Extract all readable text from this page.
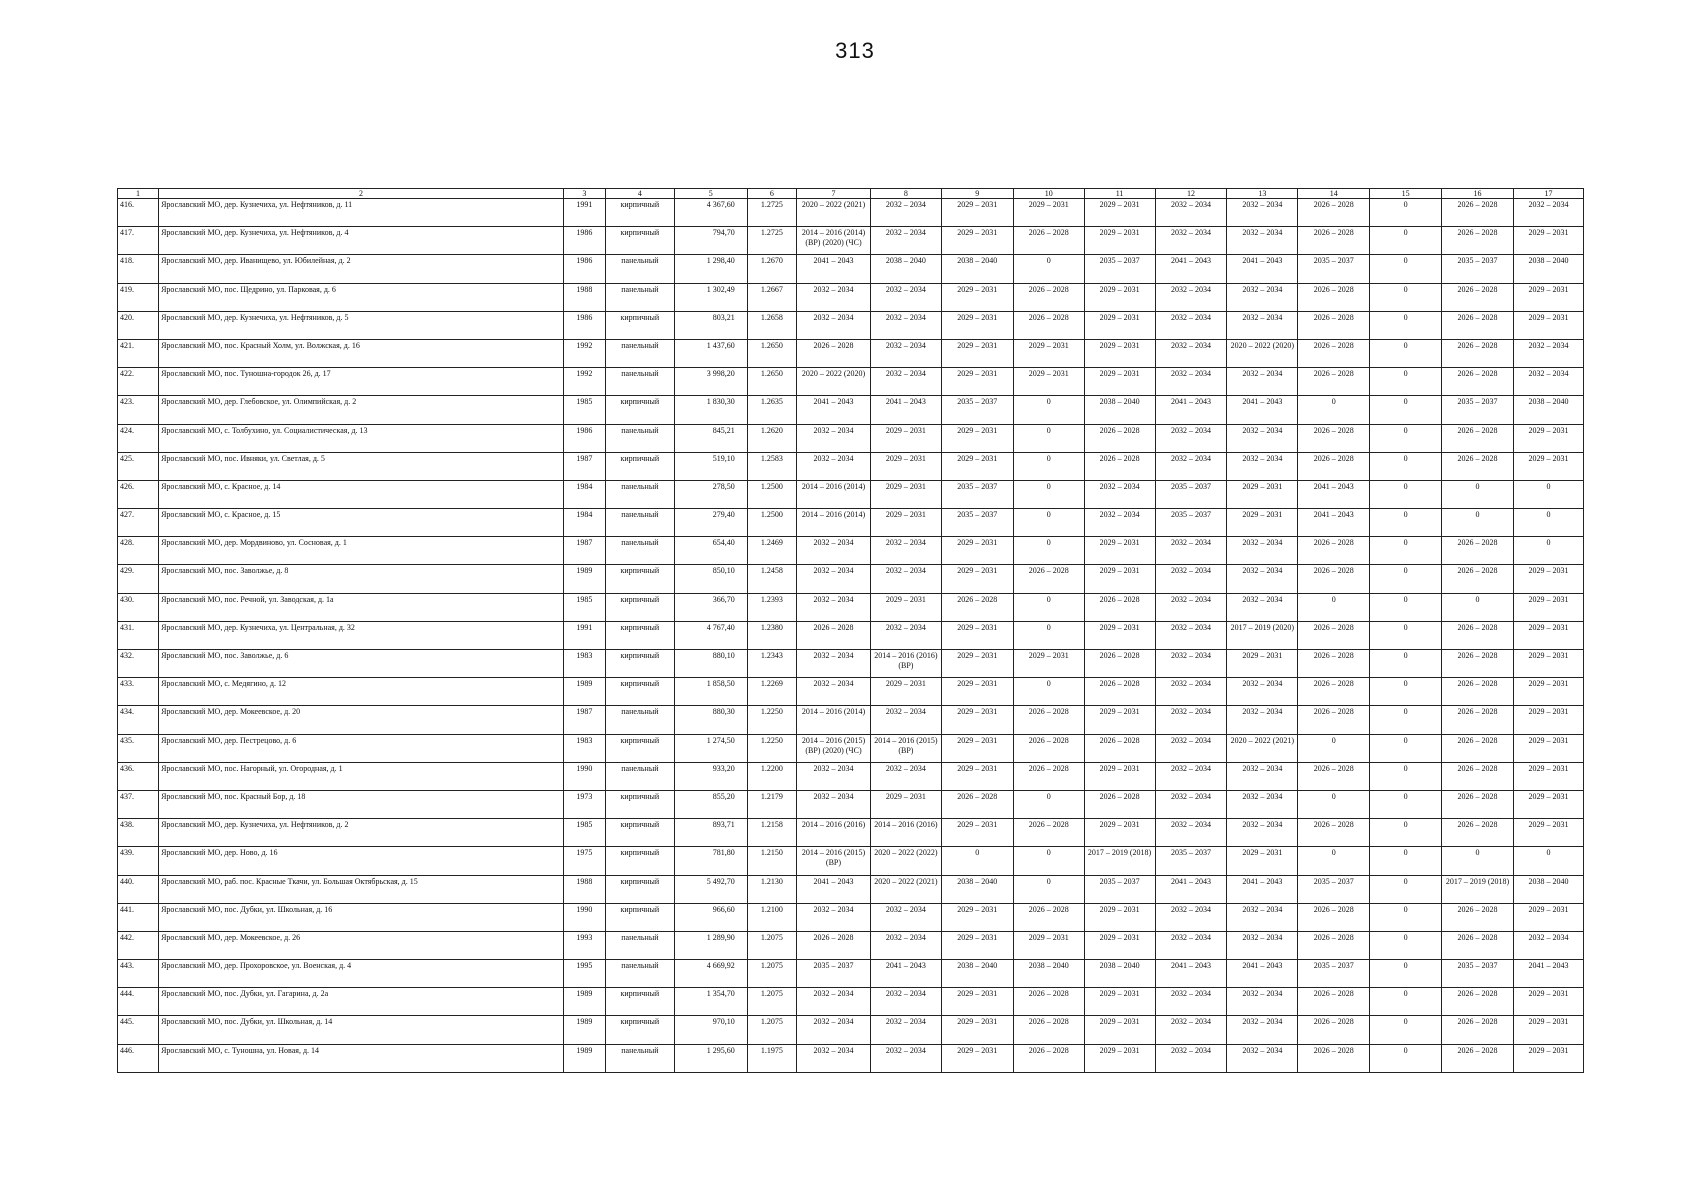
313
1	2	3	4	5	6	7	8	9	10	11	12	13	14	15	16	17
416.	Ярославский МО, дер. Кузнечиха, ул. Нефтяников, д. 11	1991	кирпичный	4 367,60	1.2725	2020 – 2022 (2021)	2032 – 2034	2029 – 2031	2029 – 2031	2029 – 2031	2032 – 2034	2032 – 2034	2026 – 2028	0	2026 – 2028	2032 – 2034
417.	Ярославский МО, дер. Кузнечиха, ул. Нефтяников, д. 4	1986	кирпичный	794,70	1.2725	2014 – 2016 (2014) (ВР) (2020) (ЧС)	2032 – 2034	2029 – 2031	2026 – 2028	2029 – 2031	2032 – 2034	2032 – 2034	2026 – 2028	0	2026 – 2028	2029 – 2031
418.	Ярославский МО, дер. Иванищево, ул. Юбилейная, д. 2	1986	панельный	1 298,40	1.2670	2041 – 2043	2038 – 2040	2038 – 2040	0	2035 – 2037	2041 – 2043	2041 – 2043	2035 – 2037	0	2035 – 2037	2038 – 2040
419.	Ярославский МО, пос. Щедрино, ул. Парковая, д. 6	1988	панельный	1 302,49	1.2667	2032 – 2034	2032 – 2034	2029 – 2031	2026 – 2028	2029 – 2031	2032 – 2034	2032 – 2034	2026 – 2028	0	2026 – 2028	2029 – 2031
420.	Ярославский МО, дер. Кузнечиха, ул. Нефтяников, д. 5	1986	кирпичный	803,21	1.2658	2032 – 2034	2032 – 2034	2029 – 2031	2026 – 2028	2029 – 2031	2032 – 2034	2032 – 2034	2026 – 2028	0	2026 – 2028	2029 – 2031
421.	Ярославский МО, пос. Красный Холм, ул. Волжская, д. 16	1992	панельный	1 437,60	1.2650	2026 – 2028	2032 – 2034	2029 – 2031	2029 – 2031	2029 – 2031	2032 – 2034	2020 – 2022 (2020)	2026 – 2028	0	2026 – 2028	2032 – 2034
422.	Ярославский МО, пос. Туношна-городок 26, д. 17	1992	панельный	3 998,20	1.2650	2020 – 2022 (2020)	2032 – 2034	2029 – 2031	2029 – 2031	2029 – 2031	2032 – 2034	2032 – 2034	2026 – 2028	0	2026 – 2028	2032 – 2034
423.	Ярославский МО, дер. Глебовское, ул. Олимпийская, д. 2	1985	кирпичный	1 830,30	1.2635	2041 – 2043	2041 – 2043	2035 – 2037	0	2038 – 2040	2041 – 2043	2041 – 2043	0	0	2035 – 2037	2038 – 2040
424.	Ярославский МО, с. Толбухино, ул. Социалистическая, д. 13	1986	панельный	845,21	1.2620	2032 – 2034	2029 – 2031	2029 – 2031	0	2026 – 2028	2032 – 2034	2032 – 2034	2026 – 2028	0	2026 – 2028	2029 – 2031
425.	Ярославский МО, пос. Ивняки, ул. Светлая, д. 5	1987	кирпичный	519,10	1.2583	2032 – 2034	2029 – 2031	2029 – 2031	0	2026 – 2028	2032 – 2034	2032 – 2034	2026 – 2028	0	2026 – 2028	2029 – 2031
426.	Ярославский МО, с. Красное, д. 14	1984	панельный	278,50	1.2500	2014 – 2016 (2014)	2029 – 2031	2035 – 2037	0	2032 – 2034	2035 – 2037	2029 – 2031	2041 – 2043	0	0	0
427.	Ярославский МО, с. Красное, д. 15	1984	панельный	279,40	1.2500	2014 – 2016 (2014)	2029 – 2031	2035 – 2037	0	2032 – 2034	2035 – 2037	2029 – 2031	2041 – 2043	0	0	0
428.	Ярославский МО, дер. Мордвиново, ул. Сосновая, д. 1	1987	панельный	654,40	1.2469	2032 – 2034	2032 – 2034	2029 – 2031	0	2029 – 2031	2032 – 2034	2032 – 2034	2026 – 2028	0	2026 – 2028	0
429.	Ярославский МО, пос. Заволжье, д. 8	1989	кирпичный	850,10	1.2458	2032 – 2034	2032 – 2034	2029 – 2031	2026 – 2028	2029 – 2031	2032 – 2034	2032 – 2034	2026 – 2028	0	2026 – 2028	2029 – 2031
430.	Ярославский МО, пос. Речной, ул. Заводская, д. 1а	1985	кирпичный	366,70	1.2393	2032 – 2034	2029 – 2031	2026 – 2028	0	2026 – 2028	2032 – 2034	2032 – 2034	0	0	0	2029 – 2031
431.	Ярославский МО, дер. Кузнечиха, ул. Центральная, д. 32	1991	кирпичный	4 767,40	1.2380	2026 – 2028	2032 – 2034	2029 – 2031	0	2029 – 2031	2032 – 2034	2017 – 2019 (2020)	2026 – 2028	0	2026 – 2028	2029 – 2031
432.	Ярославский МО, пос. Заволжье, д. 6	1983	кирпичный	880,10	1.2343	2032 – 2034	2014 – 2016 (2016) (ВР)	2029 – 2031	2029 – 2031	2026 – 2028	2032 – 2034	2029 – 2031	2026 – 2028	0	2026 – 2028	2029 – 2031
433.	Ярославский МО, с. Медягино, д. 12	1989	кирпичный	1 858,50	1.2269	2032 – 2034	2029 – 2031	2029 – 2031	0	2026 – 2028	2032 – 2034	2032 – 2034	2026 – 2028	0	2026 – 2028	2029 – 2031
434.	Ярославский МО, дер. Мокеевское, д. 20	1987	панельный	880,30	1.2250	2014 – 2016 (2014)	2032 – 2034	2029 – 2031	2026 – 2028	2029 – 2031	2032 – 2034	2032 – 2034	2026 – 2028	0	2026 – 2028	2029 – 2031
435.	Ярославский МО, дер. Пестрецово, д. 6	1983	кирпичный	1 274,50	1.2250	2014 – 2016 (2015) (ВР) (2020) (ЧС)	2014 – 2016 (2015) (ВР)	2029 – 2031	2026 – 2028	2026 – 2028	2032 – 2034	2020 – 2022 (2021)	0	0	2026 – 2028	2029 – 2031
436.	Ярославский МО, пос. Нагорный, ул. Огородная, д. 1	1990	панельный	933,20	1.2200	2032 – 2034	2032 – 2034	2029 – 2031	2026 – 2028	2029 – 2031	2032 – 2034	2032 – 2034	2026 – 2028	0	2026 – 2028	2029 – 2031
437.	Ярославский МО, пос. Красный Бор, д. 18	1973	кирпичный	855,20	1.2179	2032 – 2034	2029 – 2031	2026 – 2028	0	2026 – 2028	2032 – 2034	2032 – 2034	0	0	2026 – 2028	2029 – 2031
438.	Ярославский МО, дер. Кузнечиха, ул. Нефтяников, д. 2	1985	кирпичный	893,71	1.2158	2014 – 2016 (2016)	2014 – 2016 (2016)	2029 – 2031	2026 – 2028	2029 – 2031	2032 – 2034	2032 – 2034	2026 – 2028	0	2026 – 2028	2029 – 2031
439.	Ярославский МО, дер. Ново, д. 16	1975	кирпичный	781,80	1.2150	2014 – 2016 (2015) (ВР)	2020 – 2022 (2022)	0	0	2017 – 2019 (2018)	2035 – 2037	2029 – 2031	0	0	0	0
440.	Ярославский МО, раб. пос. Красные Ткачи, ул. Большая Октябрьская, д. 15	1988	кирпичный	5 492,70	1.2130	2041 – 2043	2020 – 2022 (2021)	2038 – 2040	0	2035 – 2037	2041 – 2043	2041 – 2043	2035 – 2037	0	2017 – 2019 (2018)	2038 – 2040
441.	Ярославский МО, пос. Дубки, ул. Школьная, д. 16	1990	кирпичный	966,60	1.2100	2032 – 2034	2032 – 2034	2029 – 2031	2026 – 2028	2029 – 2031	2032 – 2034	2032 – 2034	2026 – 2028	0	2026 – 2028	2029 – 2031
442.	Ярославский МО, дер. Мокеевское, д. 26	1993	панельный	1 289,90	1.2075	2026 – 2028	2032 – 2034	2029 – 2031	2029 – 2031	2029 – 2031	2032 – 2034	2032 – 2034	2026 – 2028	0	2026 – 2028	2032 – 2034
443.	Ярославский МО, дер. Прохоровское, ул. Военская, д. 4	1995	панельный	4 669,92	1.2075	2035 – 2037	2041 – 2043	2038 – 2040	2038 – 2040	2038 – 2040	2041 – 2043	2041 – 2043	2035 – 2037	0	2035 – 2037	2041 – 2043
444.	Ярославский МО, пос. Дубки, ул. Гагарина, д. 2а	1989	кирпичный	1 354,70	1.2075	2032 – 2034	2032 – 2034	2029 – 2031	2026 – 2028	2029 – 2031	2032 – 2034	2032 – 2034	2026 – 2028	0	2026 – 2028	2029 – 2031
445.	Ярославский МО, пос. Дубки, ул. Школьная, д. 14	1989	кирпичный	970,10	1.2075	2032 – 2034	2032 – 2034	2029 – 2031	2026 – 2028	2029 – 2031	2032 – 2034	2032 – 2034	2026 – 2028	0	2026 – 2028	2029 – 2031
446.	Ярославский МО, с. Туношна, ул. Новая, д. 14	1989	панельный	1 295,60	1.1975	2032 – 2034	2032 – 2034	2029 – 2031	2026 – 2028	2029 – 2031	2032 – 2034	2032 – 2034	2026 – 2028	0	2026 – 2028	2029 – 2031
